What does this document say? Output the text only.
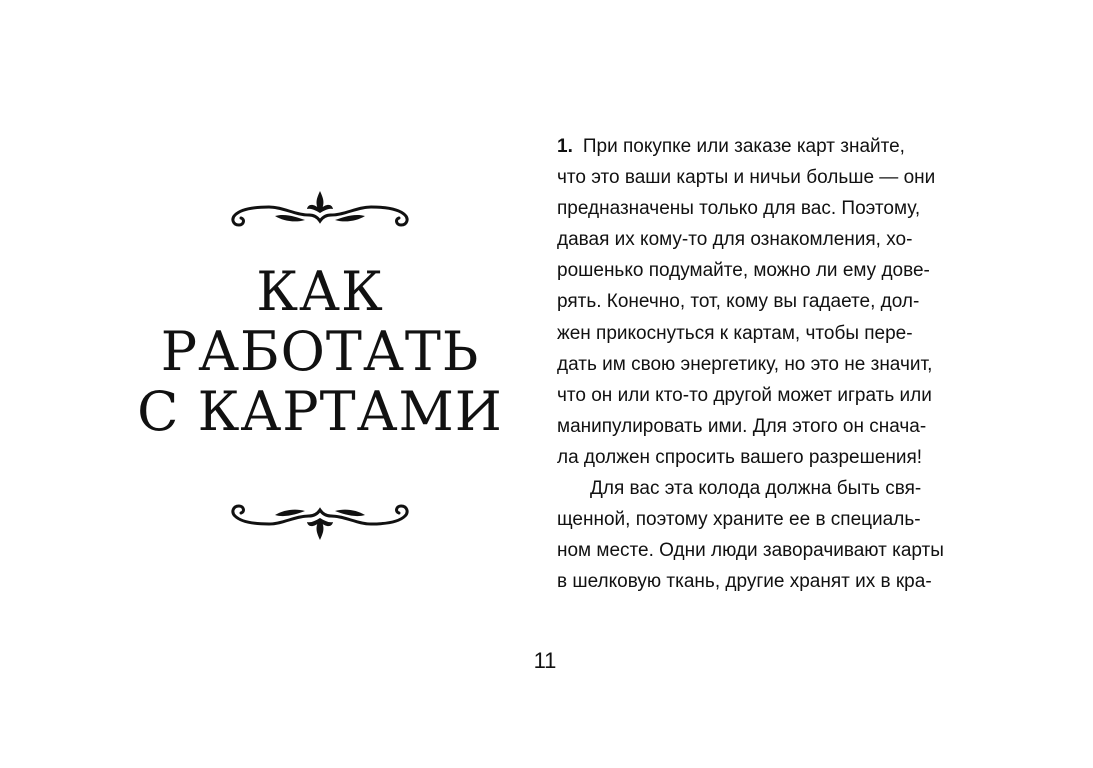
КАК
РАБОТАТЬ
С КАРТАМИ
1. При покупке или заказе карт знайте,
что это ваши карты и ничьи больше — они
предназначены только для вас. Поэтому,
давая их кому-то для ознакомления, хо-
рошенько подумайте, можно ли ему дове-
рять. Конечно, тот, кому вы гадаете, дол-
жен прикоснуться к картам, чтобы пере-
дать им свою энергетику, но это не значит,
что он или кто-то другой может играть или
манипулировать ими. Для этого он снача-
ла должен спросить вашего разрешения!
Для вас эта колода должна быть свя-
щенной, поэтому храните ее в специаль-
ном месте. Одни люди заворачивают карты
в шелковую ткань, другие хранят их в кра-
11
